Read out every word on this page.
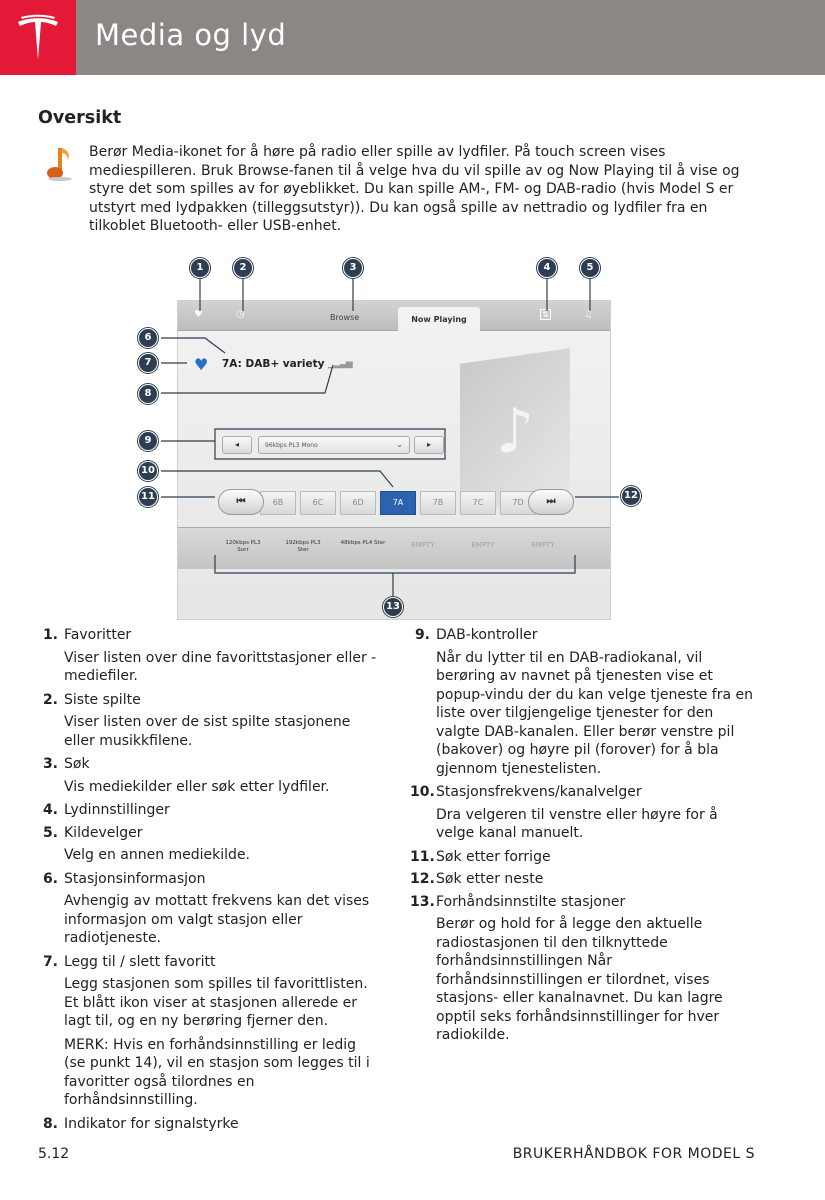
Media og lyd
Oversikt
Berør Media-ikonet for å høre på radio eller spille av lydfiler. På touch screen vises mediespilleren. Bruk Browse-fanen til å velge hva du vil spille av og Now Playing til å vise og styre det som spilles av for øyeblikket. Du kan spille AM-, FM- og DAB-radio (hvis Model S er utstyrt med lydpakken (tilleggsutstyr)). Du kan også spille av nettradio og lydfiler fra en tilkoblet Bluetooth- eller USB-enhet.
♥	◷	Browse	Now Playing
⇅	♫
♥ 7A: DAB+ variety ▁▂▃▅
♪
◂	96kbps PL3 Mono	⌄	▸
6B	6C	6D	7A	7B	7C	7D
⏮	⏭
120kbps PL3
Surr
192kbps PL3
Ster
48kbps PL4 Ster	EMPTY	EMPTY	EMPTY
1	2	3	4	5
6
7
8
9
10
11	12
13
1. Favoritter
Viser listen over dine favorittstasjoner eller -mediefiler.
2. Siste spilte
Viser listen over de sist spilte stasjonene eller musikkfilene.
3. Søk
Vis mediekilder eller søk etter lydfiler.
4. Lydinnstillinger
5. Kildevelger
Velg en annen mediekilde.
6. Stasjonsinformasjon
Avhengig av mottatt frekvens kan det vises informasjon om valgt stasjon eller radiotjeneste.
7. Legg til / slett favoritt
Legg stasjonen som spilles til favorittlisten. Et blått ikon viser at stasjonen allerede er lagt til, og en ny berøring fjerner den.
MERK: Hvis en forhåndsinnstilling er ledig (se punkt 14), vil en stasjon som legges til i favoritter også tilordnes en forhåndsinnstilling.
8. Indikator for signalstyrke
9. DAB-kontroller
Når du lytter til en DAB-radiokanal, vil berøring av navnet på tjenesten vise et popup-vindu der du kan velge tjeneste fra en liste over tilgjengelige tjenester for den valgte DAB-kanalen. Eller berør venstre pil (bakover) og høyre pil (forover) for å bla gjennom tjenestelisten.
10. Stasjonsfrekvens/kanalvelger
Dra velgeren til venstre eller høyre for å velge kanal manuelt.
11. Søk etter forrige
12. Søk etter neste
13. Forhåndsinnstilte stasjoner
Berør og hold for å legge den aktuelle radiostasjonen til den tilknyttede forhåndsinnstillingen Når forhåndsinnstillingen er tilordnet, vises stasjons- eller kanalnavnet. Du kan lagre opptil seks forhåndsinnstillinger for hver radiokilde.
5.12	BRUKERHÅNDBOK FOR MODEL S
